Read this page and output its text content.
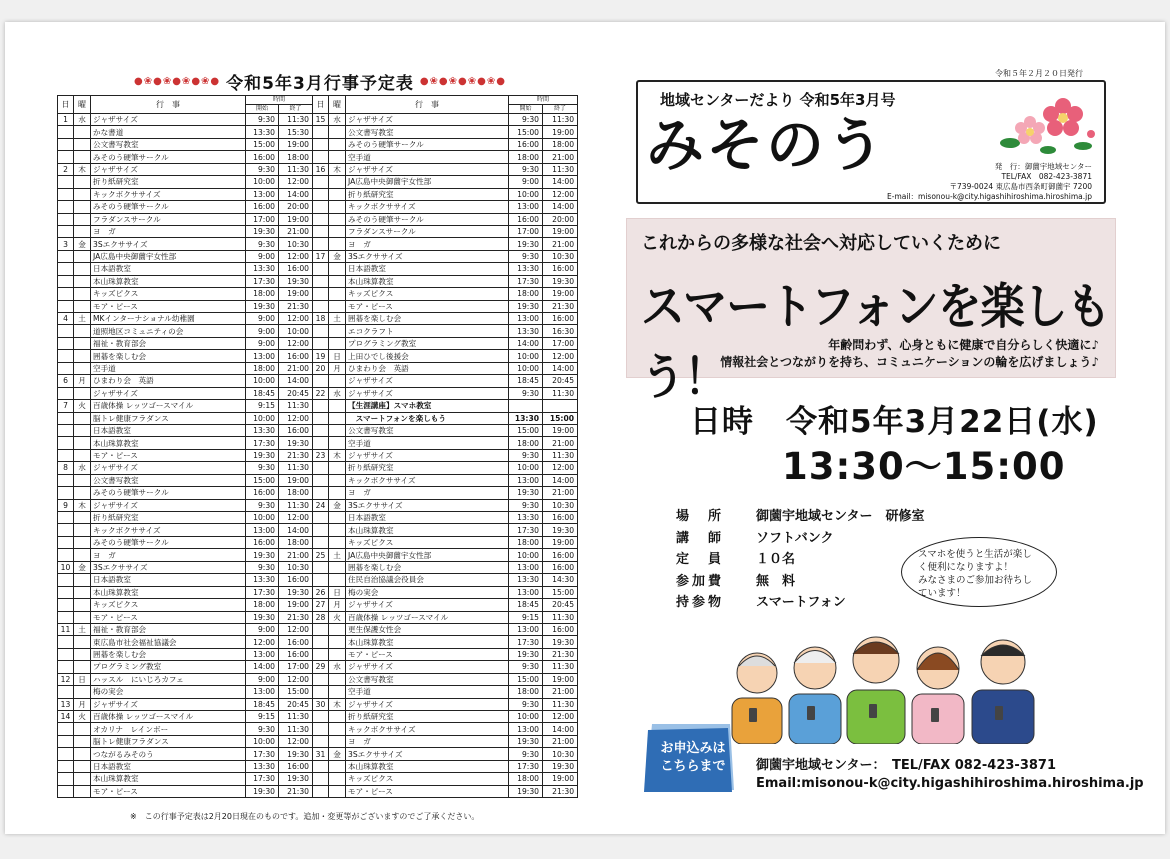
●❀●❀●❀●❀● 令和5年3月行事予定表 ●❀●❀●❀●❀●
日	曜	行　事	時間		日	曜	行　事	時間	
			開始	終了				開始	終了
1	水	ジャザサイズ	9:30	11:30	15	水	ジャザサイズ	9:30	11:30
		かな書道	13:30	15:30			公文書写教室	15:00	19:00
		公文書写教室	15:00	19:00			みそのう硬筆サークル	16:00	18:00
		みそのう硬筆サークル	16:00	18:00			空手道	18:00	21:00
2	木	ジャザサイズ	9:30	11:30	16	木	ジャザサイズ	9:30	11:30
		折り紙研究室	10:00	12:00			JA広島中央御薗宇女性部	9:00	14:00
		キックボクササイズ	13:00	14:00			折り紙研究室	10:00	12:00
		みそのう硬筆サークル	16:00	20:00			キックボクササイズ	13:00	14:00
		フラダンスサークル	17:00	19:00			みそのう硬筆サークル	16:00	20:00
		ヨ　ガ	19:30	21:00			フラダンスサークル	17:00	19:00
3	金	3Sエクササイズ	9:30	10:30			ヨ　ガ	19:30	21:00
		JA広島中央御薗宇女性部	9:00	12:00	17	金	3Sエクササイズ	9:30	10:30
		日本語教室	13:30	16:00			日本語教室	13:30	16:00
		本山珠算教室	17:30	19:30			本山珠算教室	17:30	19:30
		キッズピクス	18:00	19:00			キッズピクス	18:00	19:00
		モア・ピース	19:30	21:30			モア・ピース	19:30	21:30
4	土	MKインターナショナル幼稚園	9:00	12:00	18	土	囲碁を楽しむ会	13:00	16:00
		道照地区コミュニティの会	9:00	10:00			エコクラフト	13:30	16:30
		福祉・教育部会	9:00	12:00			プログラミング教室	14:00	17:00
		囲碁を楽しむ会	13:00	16:00	19	日	上田ひでし後援会	10:00	12:00
		空手道	18:00	21:00	20	月	ひまわり会　英語	10:00	14:00
6	月	ひまわり会　英語	10:00	14:00			ジャザサイズ	18:45	20:45
		ジャザサイズ	18:45	20:45	22	水	ジャザサイズ	9:30	11:30
7	火	百歳体操 レッツゴースマイル	9:15	11:30			【生涯講座】スマホ教室		
		脳トレ健康フラダンス	10:00	12:00			　スマートフォンを楽しもう	13:30	15:00
		日本語教室	13:30	16:00			公文書写教室	15:00	19:00
		本山珠算教室	17:30	19:30			空手道	18:00	21:00
		モア・ピース	19:30	21:30	23	木	ジャザサイズ	9:30	11:30
8	水	ジャザサイズ	9:30	11:30			折り紙研究室	10:00	12:00
		公文書写教室	15:00	19:00			キックボクササイズ	13:00	14:00
		みそのう硬筆サークル	16:00	18:00			ヨ　ガ	19:30	21:00
9	木	ジャザサイズ	9:30	11:30	24	金	3Sエクササイズ	9:30	10:30
		折り紙研究室	10:00	12:00			日本語教室	13:30	16:00
		キックボクササイズ	13:00	14:00			本山珠算教室	17:30	19:30
		みそのう硬筆サークル	16:00	18:00			キッズピクス	18:00	19:00
		ヨ　ガ	19:30	21:00	25	土	JA広島中央御薗宇女性部	10:00	16:00
10	金	3Sエクササイズ	9:30	10:30			囲碁を楽しむ会	13:00	16:00
		日本語教室	13:30	16:00			住民自治協議会役員会	13:30	14:30
		本山珠算教室	17:30	19:30	26	日	梅の実会	13:00	15:00
		キッズピクス	18:00	19:00	27	月	ジャザサイズ	18:45	20:45
		モア・ピース	19:30	21:30	28	火	百歳体操 レッツゴースマイル	9:15	11:30
11	土	福祉・教育部会	9:00	12:00			更生保護女性会	13:00	16:00
		東広島市社会福祉協議会	12:00	16:00			本山珠算教室	17:30	19:30
		囲碁を楽しむ会	13:00	16:00			モア・ピース	19:30	21:30
		プログラミング教室	14:00	17:00	29	水	ジャザサイズ	9:30	11:30
12	日	ハッスル　にいじろカフェ	9:00	12:00			公文書写教室	15:00	19:00
		梅の実会	13:00	15:00			空手道	18:00	21:00
13	月	ジャザサイズ	18:45	20:45	30	木	ジャザサイズ	9:30	11:30
14	火	百歳体操 レッツゴースマイル	9:15	11:30			折り紙研究室	10:00	12:00
		オカリナ　レインボー	9:30	11:30			キックボクササイズ	13:00	14:00
		脳トレ健康フラダンス	10:00	12:00			ヨ　ガ	19:30	21:00
		つながるみそのう	17:30	19:30	31	金	3Sエクササイズ	9:30	10:30
		日本語教室	13:30	16:00			本山珠算教室	17:30	19:30
		本山珠算教室	17:30	19:30			キッズピクス	18:00	19:00
		モア・ピース	19:30	21:30			モア・ピース	19:30	21:30
※　この行事予定表は2月20日現在のものです。追加・変更等がございますのでご了承ください。
令和５年２月２０日発行
地域センターだより 令和5年3月号
みそのう	発　行：御薗宇地域センター
TEL/FAX　082-423-3871
〒739-0024 東広島市西条町御薗宇 7200
E-mail：misonou-k@city.higashihiroshima.hiroshima.jp
これからの多様な社会へ対応していくために
スマートフォンを楽しもう！
年齢問わず、心身ともに健康で自分らしく快適に♪
情報社会とつながりを持ち、コミュニケーションの輪を広げましょう♪
日時　令和5年3月22日(水)
13:30～15:00
場　所	御薗宇地域センター　研修室
講　師	ソフトバンク
定　員	１０名
参加費	無　料
持参物	スマートフォン
スマホを使うと生活が楽し
く便利になりますよ！
みなさまのご参加お待ちし
ています！
お申込みは
こちらまで	御薗宇地域センター：　TEL/FAX 082-423-3871
Email:misonou-k@city.higashihiroshima.hiroshima.jp
